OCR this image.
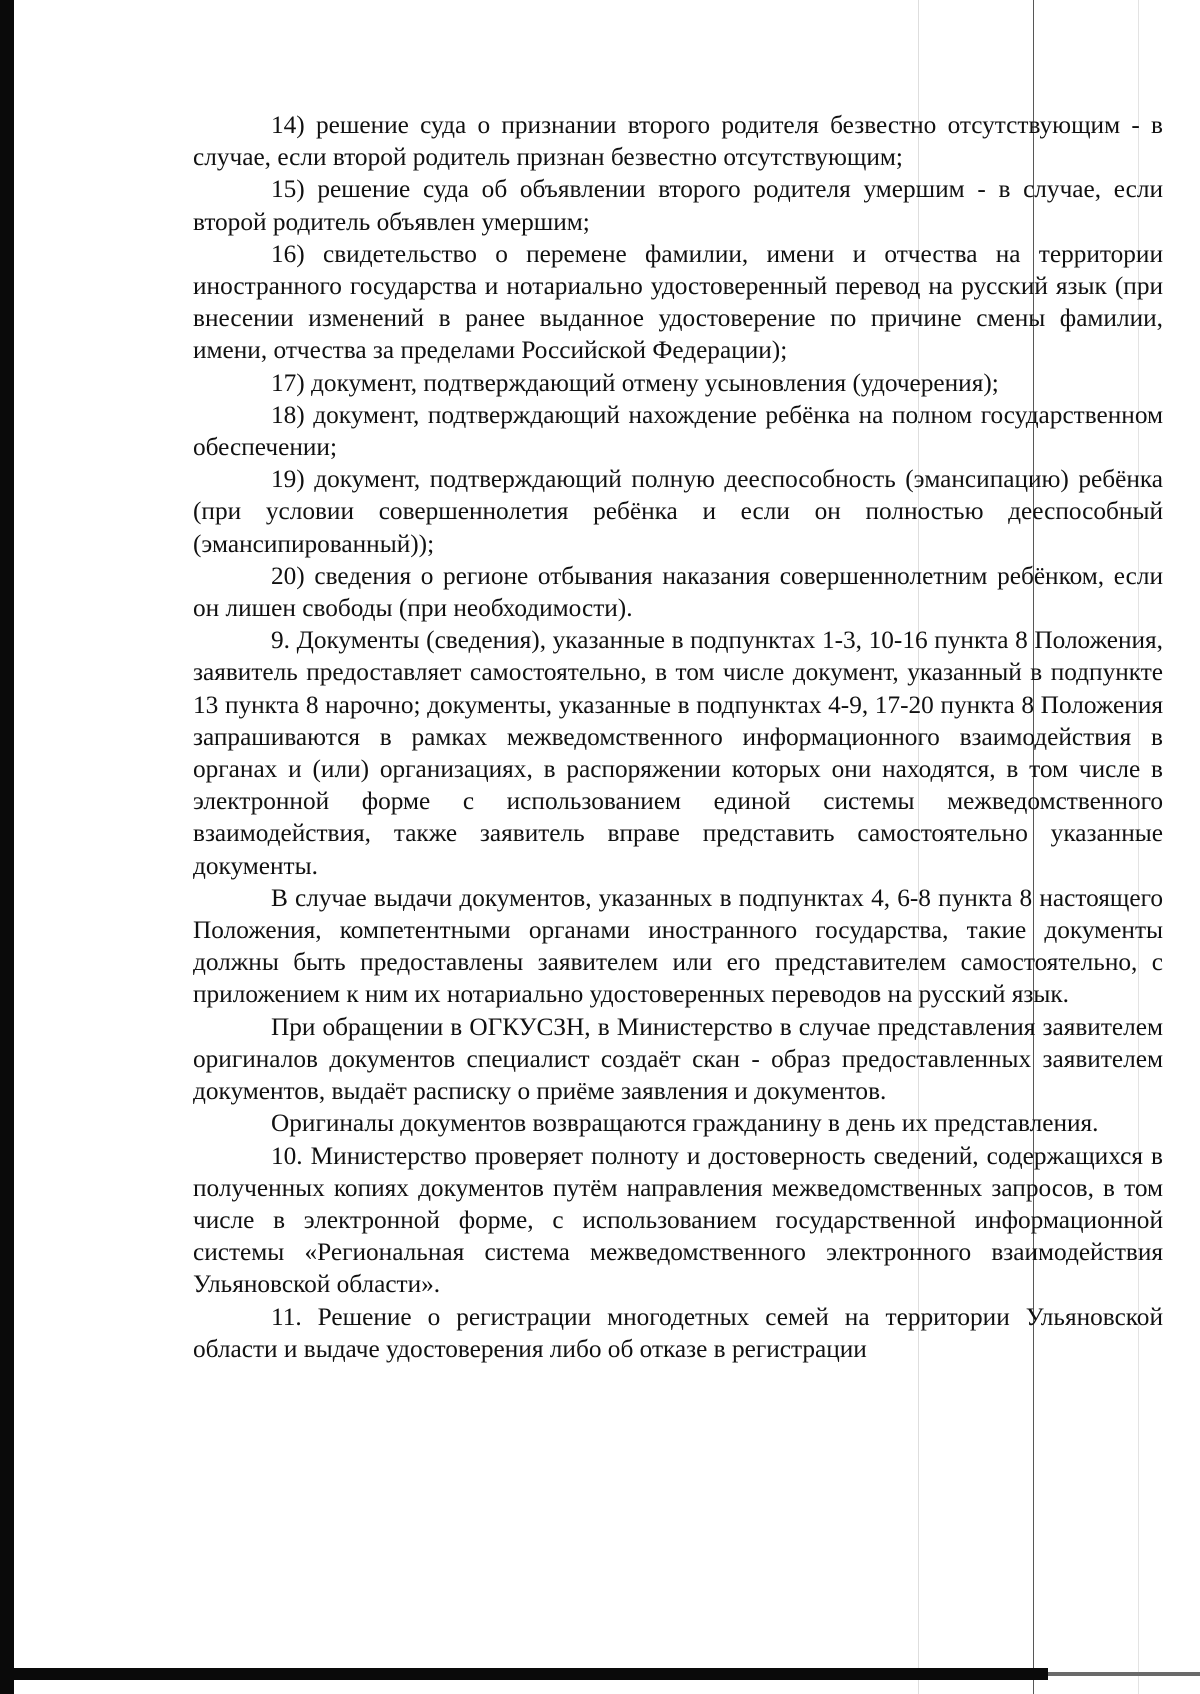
14) решение суда о признании второго родителя безвестно отсутствующим - в случае, если второй родитель признан безвестно отсутствующим;

15) решение суда об объявлении второго родителя умершим - в случае, если второй родитель объявлен умершим;

16) свидетельство о перемене фамилии, имени и отчества на территории иностранного государства и нотариально удостоверенный перевод на русский язык (при внесении изменений в ранее выданное удостоверение по причине смены фамилии, имени, отчества за пределами Российской Федерации);

17) документ, подтверждающий отмену усыновления (удочерения);

18) документ, подтверждающий нахождение ребёнка на полном государственном обеспечении;

19) документ, подтверждающий полную дееспособность (эмансипацию) ребёнка (при условии совершеннолетия ребёнка и если он полностью дееспособный (эмансипированный));

20) сведения о регионе отбывания наказания совершеннолетним ребёнком, если он лишен свободы (при необходимости).

9. Документы (сведения), указанные в подпунктах 1-3, 10-16 пункта 8 Положения, заявитель предоставляет самостоятельно, в том числе документ, указанный в подпункте 13 пункта 8 нарочно; документы, указанные в подпунктах 4-9, 17-20 пункта 8 Положения запрашиваются в рамках межведомственного информационного взаимодействия в органах и (или) организациях, в распоряжении которых они находятся, в том числе в электронной форме с использованием единой системы межведомственного взаимодействия, также заявитель вправе представить самостоятельно указанные документы.

В случае выдачи документов, указанных в подпунктах 4, 6-8 пункта 8 настоящего Положения, компетентными органами иностранного государства, такие документы должны быть предоставлены заявителем или его представителем самостоятельно, с приложением к ним их нотариально удостоверенных переводов на русский язык.

При обращении в ОГКУСЗН, в Министерство в случае представления заявителем оригиналов документов специалист создаёт скан - образ предоставленных заявителем документов, выдаёт расписку о приёме заявления и документов.

Оригиналы документов возвращаются гражданину в день их представления.

10. Министерство проверяет полноту и достоверность сведений, содержащихся в полученных копиях документов путём направления межведомственных запросов, в том числе в электронной форме, с использованием государственной информационной системы «Региональная система межведомственного электронного взаимодействия Ульяновской области».

11. Решение о регистрации многодетных семей на территории Ульяновской области и выдаче удостоверения либо об отказе в регистрации
